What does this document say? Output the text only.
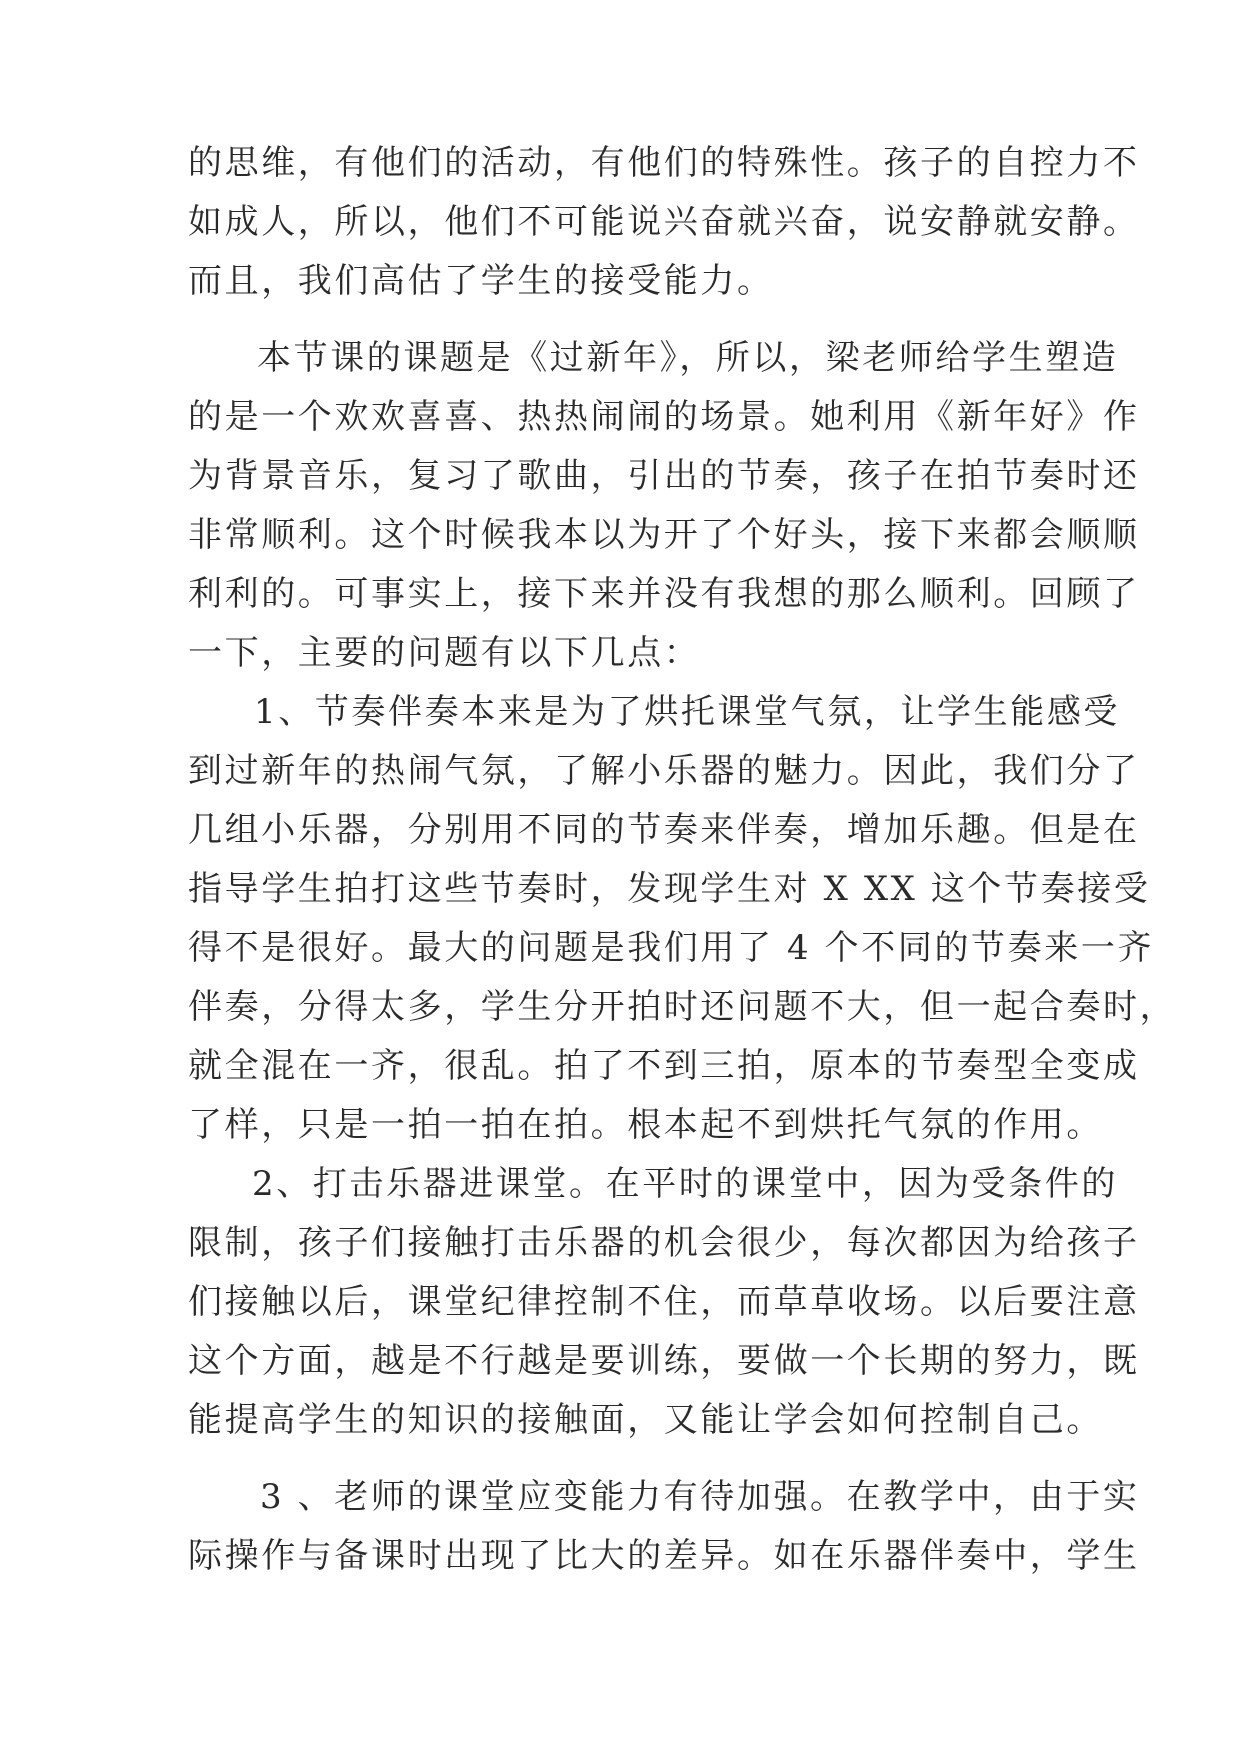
的思维，有他们的活动，有他们的特殊性。孩子的自控力不
如成人，所以，他们不可能说兴奋就兴奋，说安静就安静。
而且，我们高估了学生的接受能力。
本节课的课题是《过新年》，所以，梁老师给学生塑造
的是一个欢欢喜喜、热热闹闹的场景。她利用《新年好》作
为背景音乐，复习了歌曲，引出的节奏，孩子在拍节奏时还
非常顺利。这个时候我本以为开了个好头，接下来都会顺顺
利利的。可事实上，接下来并没有我想的那么顺利。回顾了
一下，主要的问题有以下几点：
1、节奏伴奏本来是为了烘托课堂气氛，让学生能感受
到过新年的热闹气氛，了解小乐器的魅力。因此，我们分了
几组小乐器，分别用不同的节奏来伴奏，增加乐趣。但是在
指导学生拍打这些节奏时，发现学生对 X XX 这个节奏接受
得不是很好。最大的问题是我们用了 4 个不同的节奏来一齐
伴奏，分得太多，学生分开拍时还问题不大，但一起合奏时，
就全混在一齐，很乱。拍了不到三拍，原本的节奏型全变成
了样，只是一拍一拍在拍。根本起不到烘托气氛的作用。
2、打击乐器进课堂。在平时的课堂中，因为受条件的
限制，孩子们接触打击乐器的机会很少，每次都因为给孩子
们接触以后，课堂纪律控制不住，而草草收场。以后要注意
这个方面，越是不行越是要训练，要做一个长期的努力，既
能提高学生的知识的接触面，又能让学会如何控制自己。
3 、老师的课堂应变能力有待加强。在教学中，由于实
际操作与备课时出现了比大的差异。如在乐器伴奏中，学生
